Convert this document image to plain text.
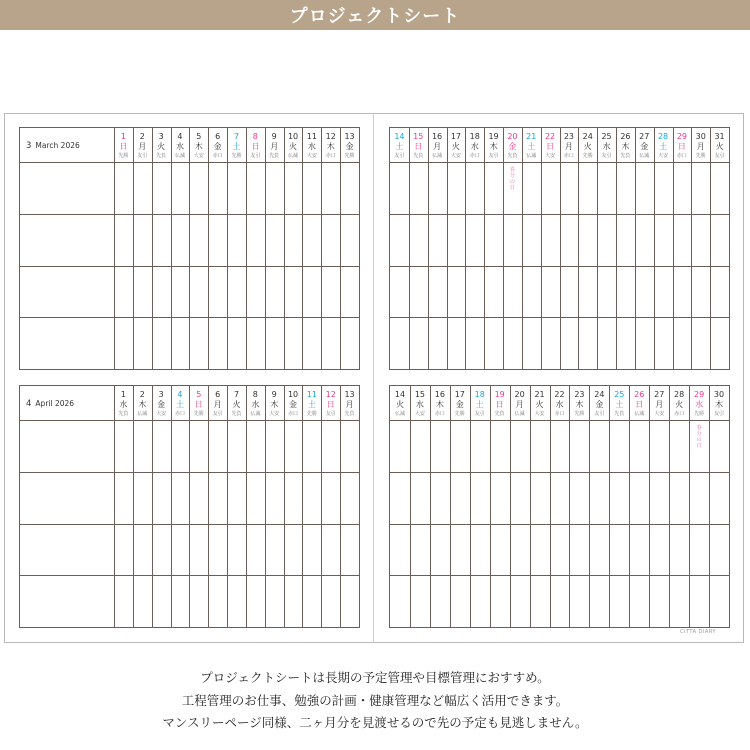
プロジェクトシート
3 March 2026
1
日
先勝
2
月
友引
3
火
先負
4
水
仏滅
5
木
大安
6
金
赤口
7
土
先勝
8
日
友引
9
月
先負
10
火
仏滅
11
水
大安
12
木
赤口
13
金
先勝
14
土
友引
15
日
先負
16
月
仏滅
17
火
大安
18
水
赤口
19
木
友引
20
金
先負
春分の日
21
土
仏滅
22
日
大安
23
月
赤口
24
火
先勝
25
水
友引
26
木
先負
27
金
仏滅
28
土
大安
29
日
赤口
30
月
先勝
31
火
友引
4 April 2026
1
水
先負
2
木
仏滅
3
金
大安
4
土
赤口
5
日
先勝
6
月
友引
7
火
先負
8
水
仏滅
9
木
大安
10
金
赤口
11
土
先勝
12
日
友引
13
月
先負
14
火
仏滅
15
水
大安
16
木
赤口
17
金
先勝
18
土
友引
19
日
先負
20
月
仏滅
21
火
大安
22
水
赤口
23
木
先勝
24
金
友引
25
土
先負
26
日
仏滅
27
月
大安
28
火
赤口
29
水
先勝
春分の日
30
木
友引
CITTA DIARY
プロジェクトシートは長期の予定管理や目標管理におすすめ。
工程管理のお仕事、勉強の計画・健康管理など幅広く活用できます。
マンスリーページ同様、二ヶ月分を見渡せるので先の予定も見逃しません。
